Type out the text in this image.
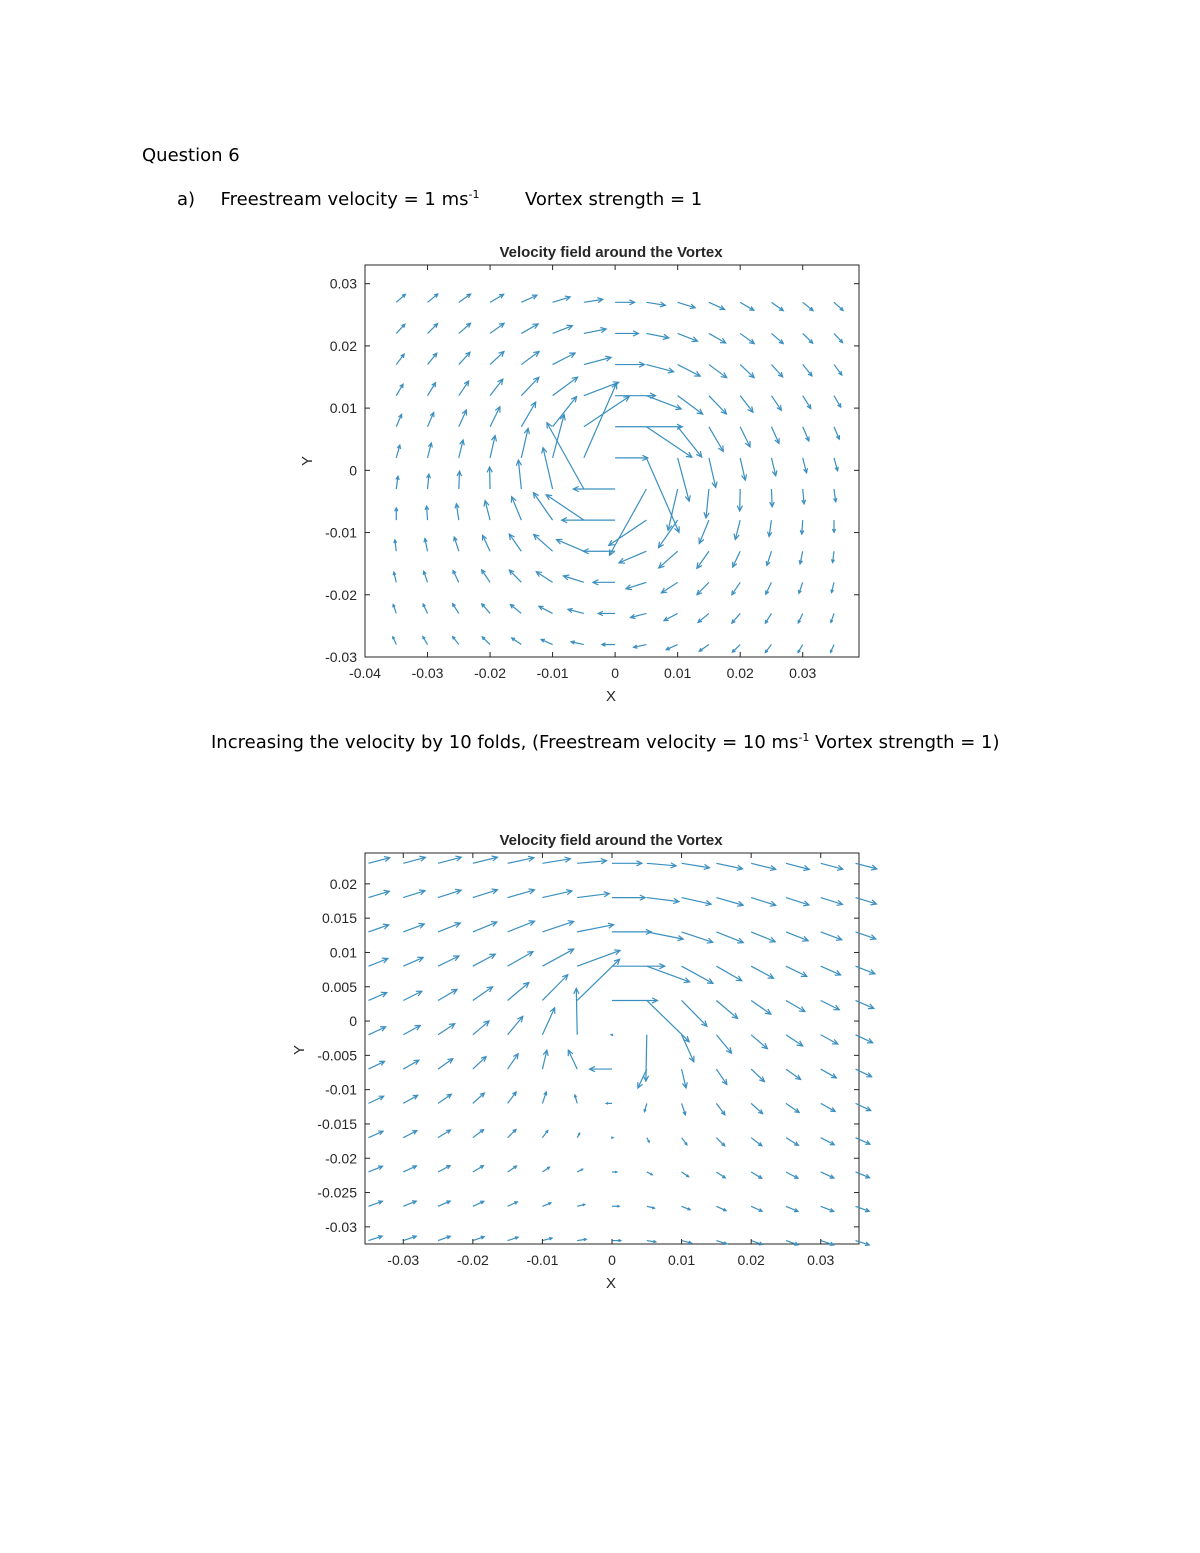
Question 6
a) Freestream velocity = 1 $ms^{-1}$	Vortex strength = 1
Increasing the velocity by 10 folds, (Freestream velocity = 10 $ms^{-1}$ Vortex strength = 1)
Velocity field around the Vortex
-0.04 -0.03 -0.02 -0.01	0	0.01	0.02	0.03
-0.03
-0.02
-0.01
0
0.01
0.02
0.03
X
Y
Velocity field around the Vortex
-0.03	-0.02	-0.01	0	0.01	0.02	0.03
-0.03
-0.025
-0.02
-0.015
-0.01
-0.005
0
0.005
0.01
0.015
0.02
X
Y
